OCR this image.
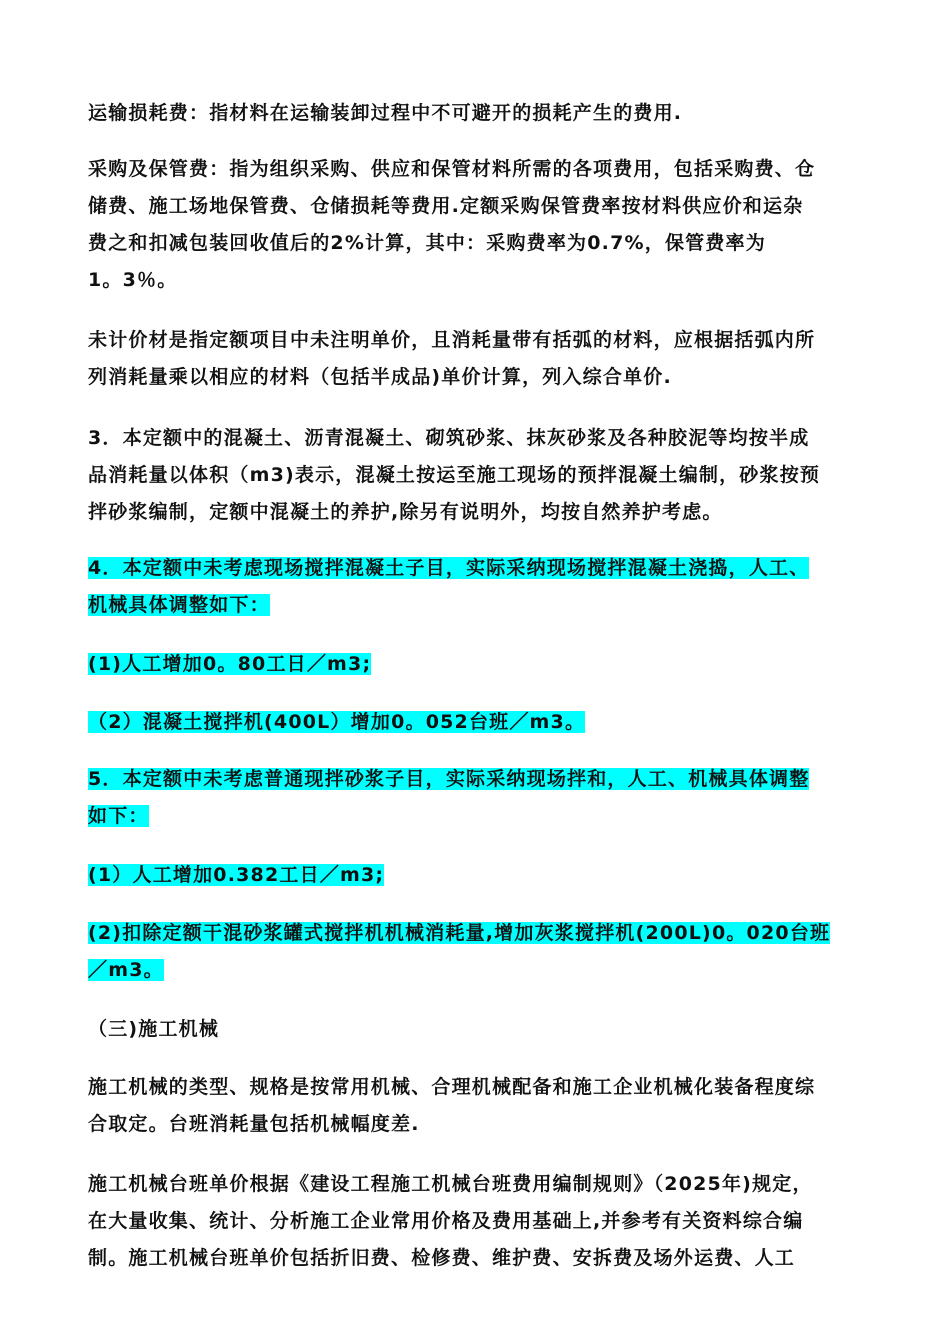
运输损耗费：指材料在运输装卸过程中不可避开的损耗产生的费用.
采购及保管费：指为组织采购、供应和保管材料所需的各项费用，包括采购费、仓
储费、施工场地保管费、仓储损耗等费用.定额采购保管费率按材料供应价和运杂
费之和扣减包装回收值后的2%计算，其中：采购费率为0.7%，保管费率为
1。3％。
未计价材是指定额项目中未注明单价，且消耗量带有括弧的材料，应根据括弧内所
列消耗量乘以相应的材料（包括半成品)单价计算，列入综合单价.
3．本定额中的混凝土、沥青混凝土、砌筑砂浆、抹灰砂浆及各种胶泥等均按半成
品消耗量以体积（m3)表示，混凝土按运至施工现场的预拌混凝土编制，砂浆按预
拌砂浆编制，定额中混凝土的养护,除另有说明外，均按自然养护考虑。
4．本定额中未考虑现场搅拌混凝土子目，实际采纳现场搅拌混凝土浇捣，人工、
机械具体调整如下：
(1)人工增加0。80工日／m3;
（2）混凝土搅拌机(400L）增加0。052台班／m3。
5．本定额中未考虑普通现拌砂浆子目，实际采纳现场拌和，人工、机械具体调整
如下：
(1）人工增加0.382工日／m3;
(2)扣除定额干混砂浆罐式搅拌机机械消耗量,增加灰浆搅拌机(200L)0。020台班
／m3。
（三)施工机械
施工机械的类型、规格是按常用机械、合理机械配备和施工企业机械化装备程度综
合取定。台班消耗量包括机械幅度差.
施工机械台班单价根据《建设工程施工机械台班费用编制规则》（2025年)规定，
在大量收集、统计、分析施工企业常用价格及费用基础上,并参考有关资料综合编
制。施工机械台班单价包括折旧费、检修费、维护费、安拆费及场外运费、人工
